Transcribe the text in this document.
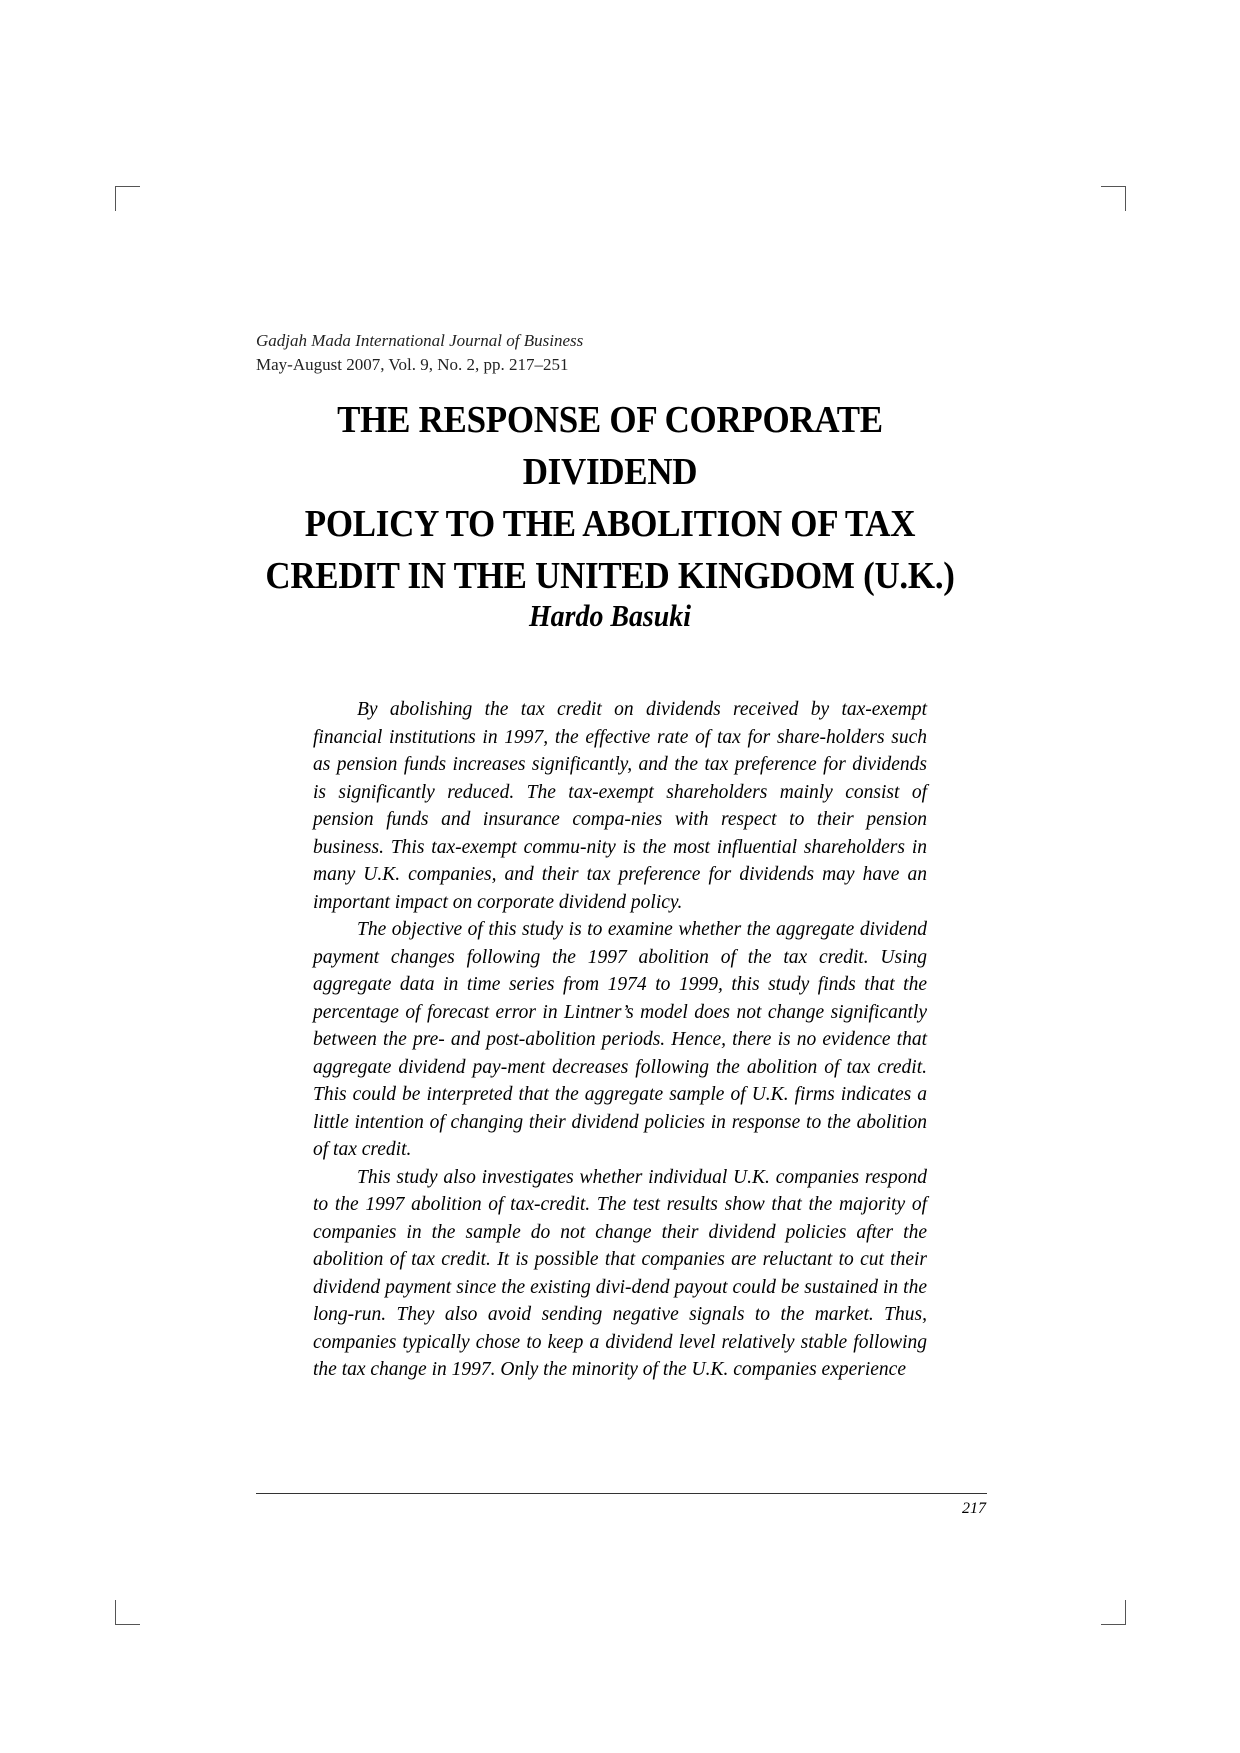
Gadjah Mada International Journal of Business
May-August 2007, Vol. 9, No. 2, pp. 217–251
THE RESPONSE OF CORPORATE DIVIDEND
POLICY TO THE ABOLITION OF TAX
CREDIT IN THE UNITED KINGDOM (U.K.)
Hardo Basuki

By abolishing the tax credit on dividends received by tax-exempt financial institutions in 1997, the effective rate of tax for share-holders such as pension funds increases significantly, and the tax preference for dividends is significantly reduced. The tax-exempt shareholders mainly consist of pension funds and insurance compa-nies with respect to their pension business. This tax-exempt commu-nity is the most influential shareholders in many U.K. companies, and their tax preference for dividends may have an important impact on corporate dividend policy.

The objective of this study is to examine whether the aggregate dividend payment changes following the 1997 abolition of the tax credit. Using aggregate data in time series from 1974 to 1999, this study finds that the percentage of forecast error in Lintner’s model does not change significantly between the pre- and post-abolition periods. Hence, there is no evidence that aggregate dividend pay-ment decreases following the abolition of tax credit. This could be interpreted that the aggregate sample of U.K. firms indicates a little intention of changing their dividend policies in response to the abolition of tax credit.

This study also investigates whether individual U.K. companies respond to the 1997 abolition of tax-credit. The test results show that the majority of companies in the sample do not change their dividend policies after the abolition of tax credit. It is possible that companies are reluctant to cut their dividend payment since the existing divi-dend payout could be sustained in the long-run. They also avoid sending negative signals to the market. Thus, companies typically chose to keep a dividend level relatively stable following the tax change in 1997. Only the minority of the U.K. companies experience

217
